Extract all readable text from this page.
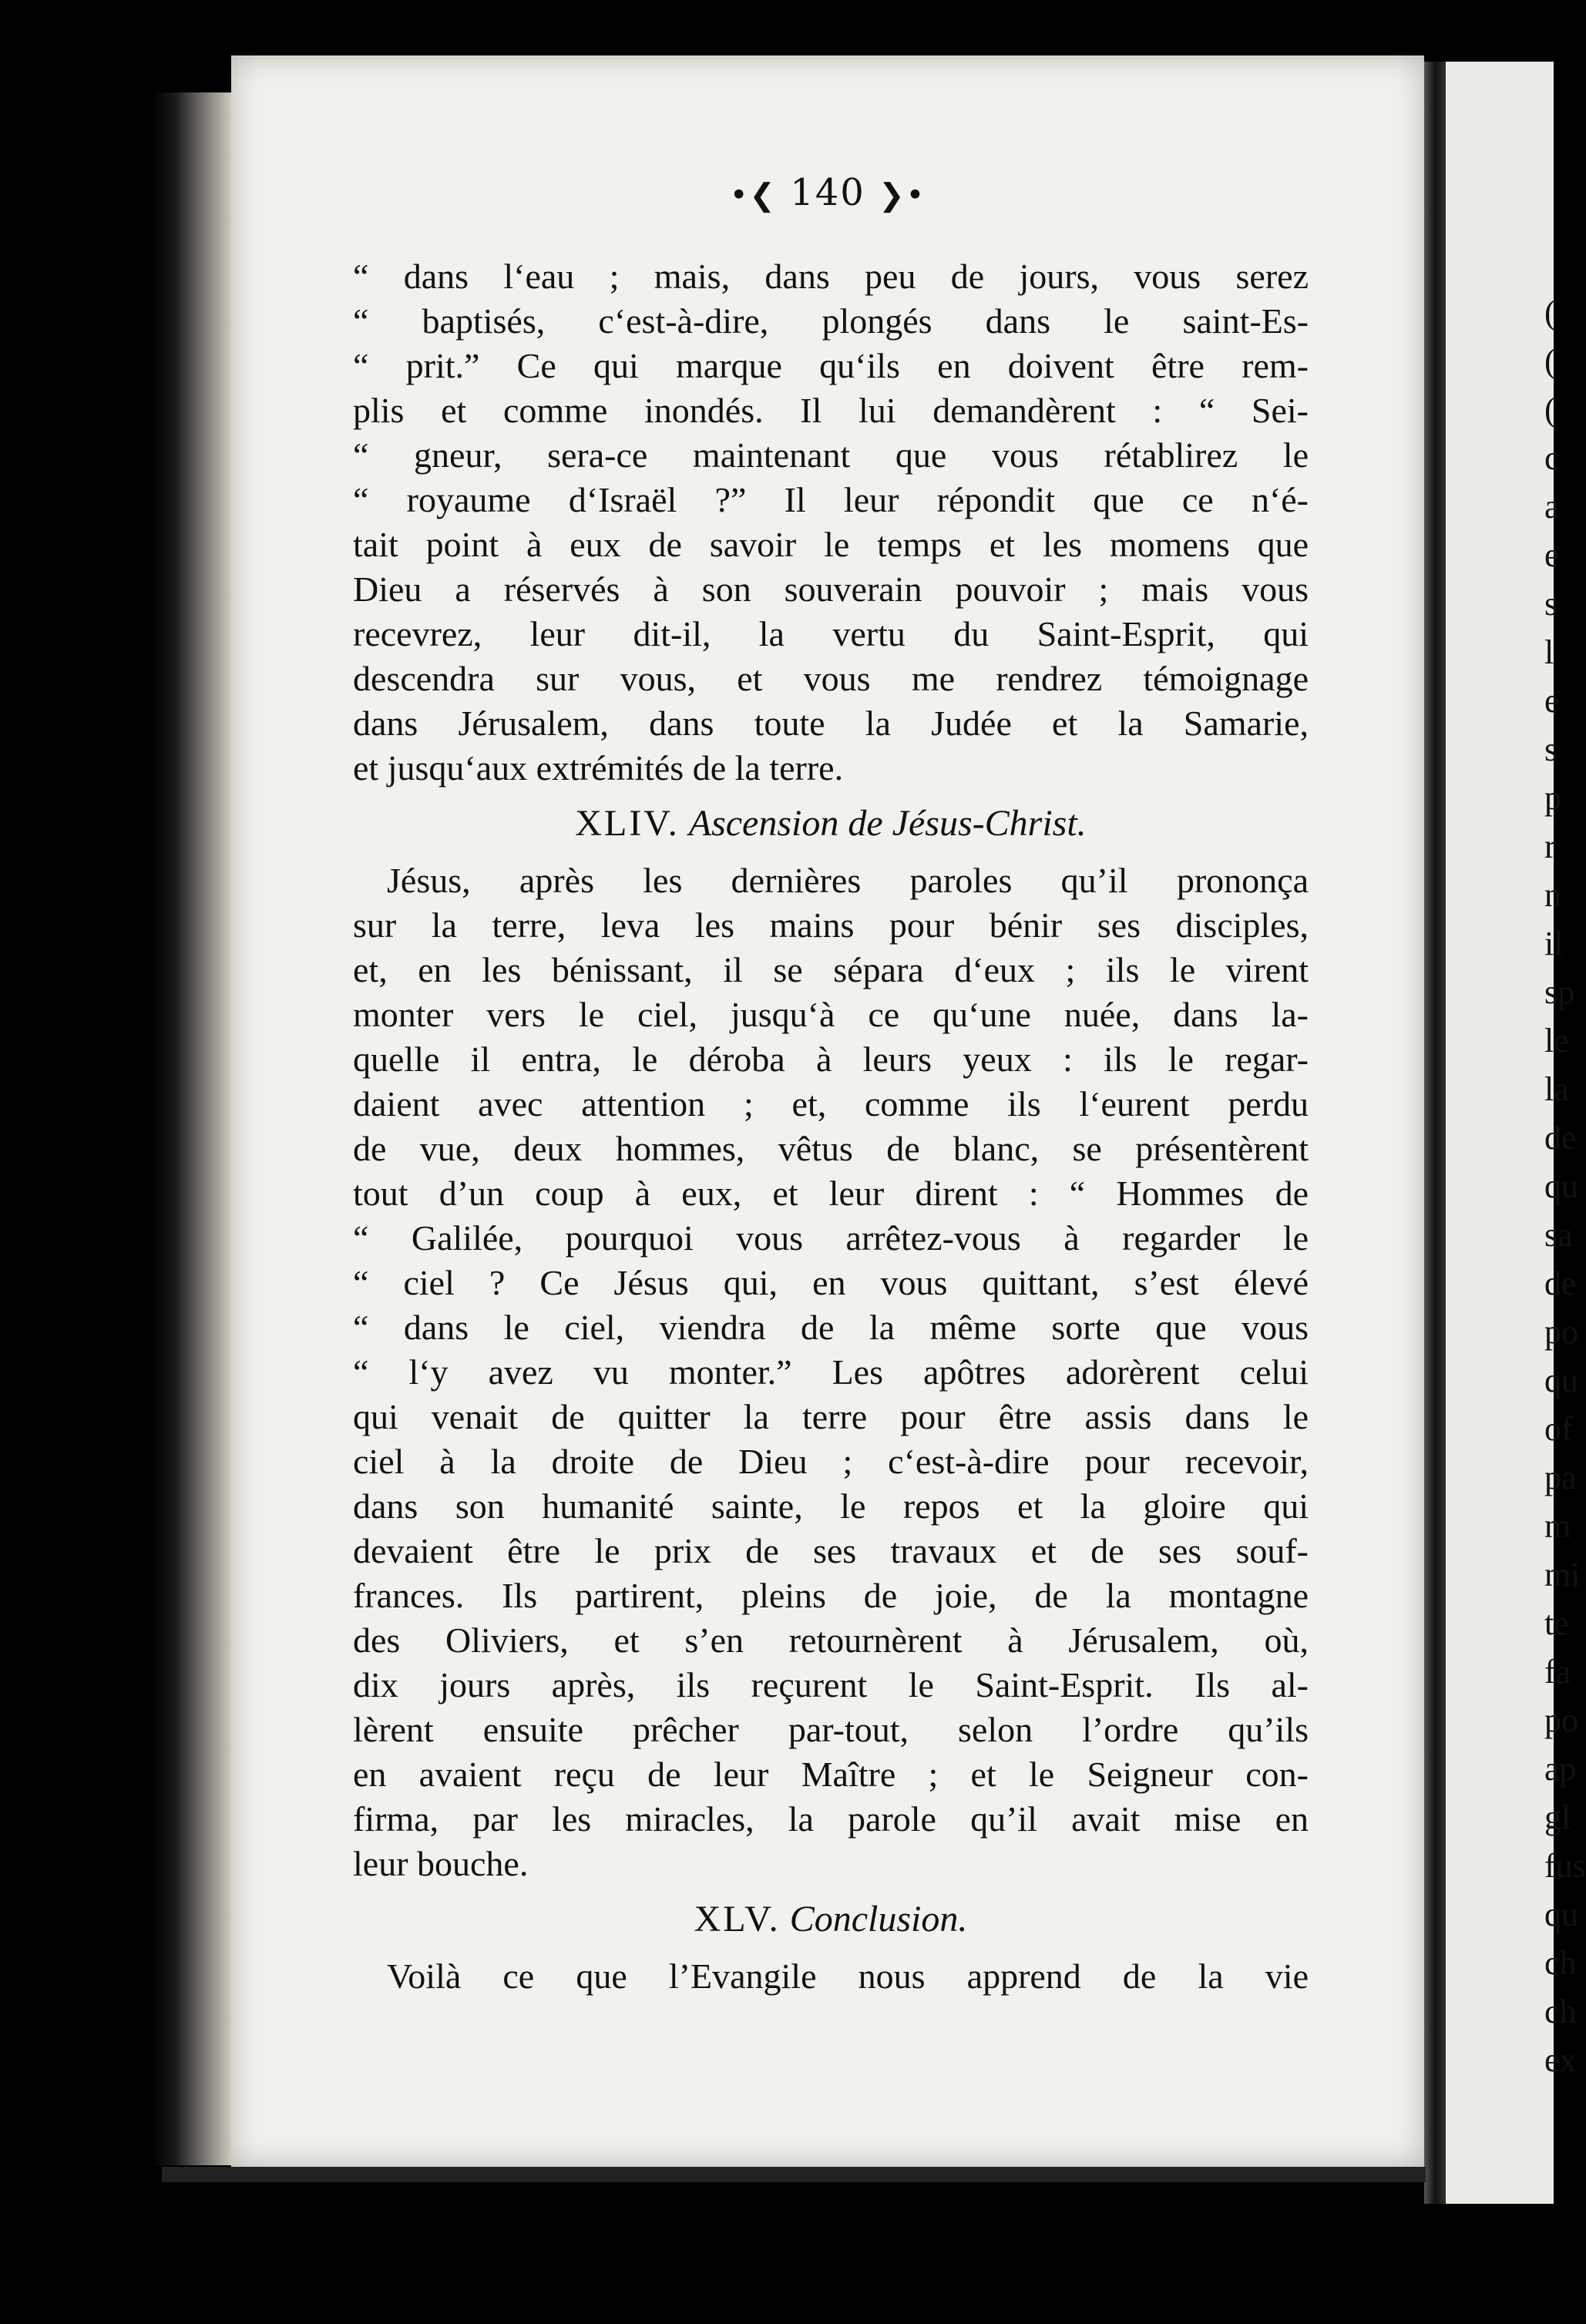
•❮ 140 ❯•

“ dans l‘eau ; mais, dans peu de jours, vous serez
“ baptisés, c‘est-à-dire, plongés dans le saint-Es-
“ prit.” Ce qui marque qu‘ils en doivent être rem-
plis et comme inondés. Il lui demandèrent : “ Sei-
“ gneur, sera-ce maintenant que vous rétablirez le
“ royaume d‘Israël ?” Il leur répondit que ce n‘é-
tait point à eux de savoir le temps et les momens que
Dieu a réservés à son souverain pouvoir ; mais vous
recevrez, leur dit-il, la vertu du Saint-Esprit, qui
descendra sur vous, et vous me rendrez témoignage
dans Jérusalem, dans toute la Judée et la Samarie,
et jusqu‘aux extrémités de la terre.

XLIV. Ascension de Jésus-Christ.

Jésus, après les dernières paroles qu’il prononça
sur la terre, leva les mains pour bénir ses disciples,
et, en les bénissant, il se sépara d‘eux ; ils le virent
monter vers le ciel, jusqu‘à ce qu‘une nuée, dans la-
quelle il entra, le déroba à leurs yeux : ils le regar-
daient avec attention ; et, comme ils l‘eurent perdu
de vue, deux hommes, vêtus de blanc, se présentèrent
tout d’un coup à eux, et leur dirent : “ Hommes de
“ Galilée, pourquoi vous arrêtez-vous à regarder le
“ ciel ? Ce Jésus qui, en vous quittant, s’est élevé
“ dans le ciel, viendra de la même sorte que vous
“ l‘y avez vu monter.” Les apôtres adorèrent celui
qui venait de quitter la terre pour être assis dans le
ciel à la droite de Dieu ; c‘est-à-dire pour recevoir,
dans son humanité sainte, le repos et la gloire qui
devaient être le prix de ses travaux et de ses souf-
frances. Ils partirent, pleins de joie, de la montagne
des Oliviers, et s’en retournèrent à Jérusalem, où,
dix jours après, ils reçurent le Saint-Esprit. Ils al-
lèrent ensuite prêcher par-tout, selon l’ordre qu’ils
en avaient reçu de leur Maître ; et le Seigneur con-
firma, par les miracles, la parole qu’il avait mise en
leur bouche.

XLV. Conclusion.

Voilà ce que l’Evangile nous apprend de la vie

(
(
(
c
a
e
s
l
e
s
p
r
n
il
sp
le
la
de
qu
sa
de
po
qu
of
pa
m
mi
te
fa
po
ap
gl
fus
qu
ch
ch
ex
